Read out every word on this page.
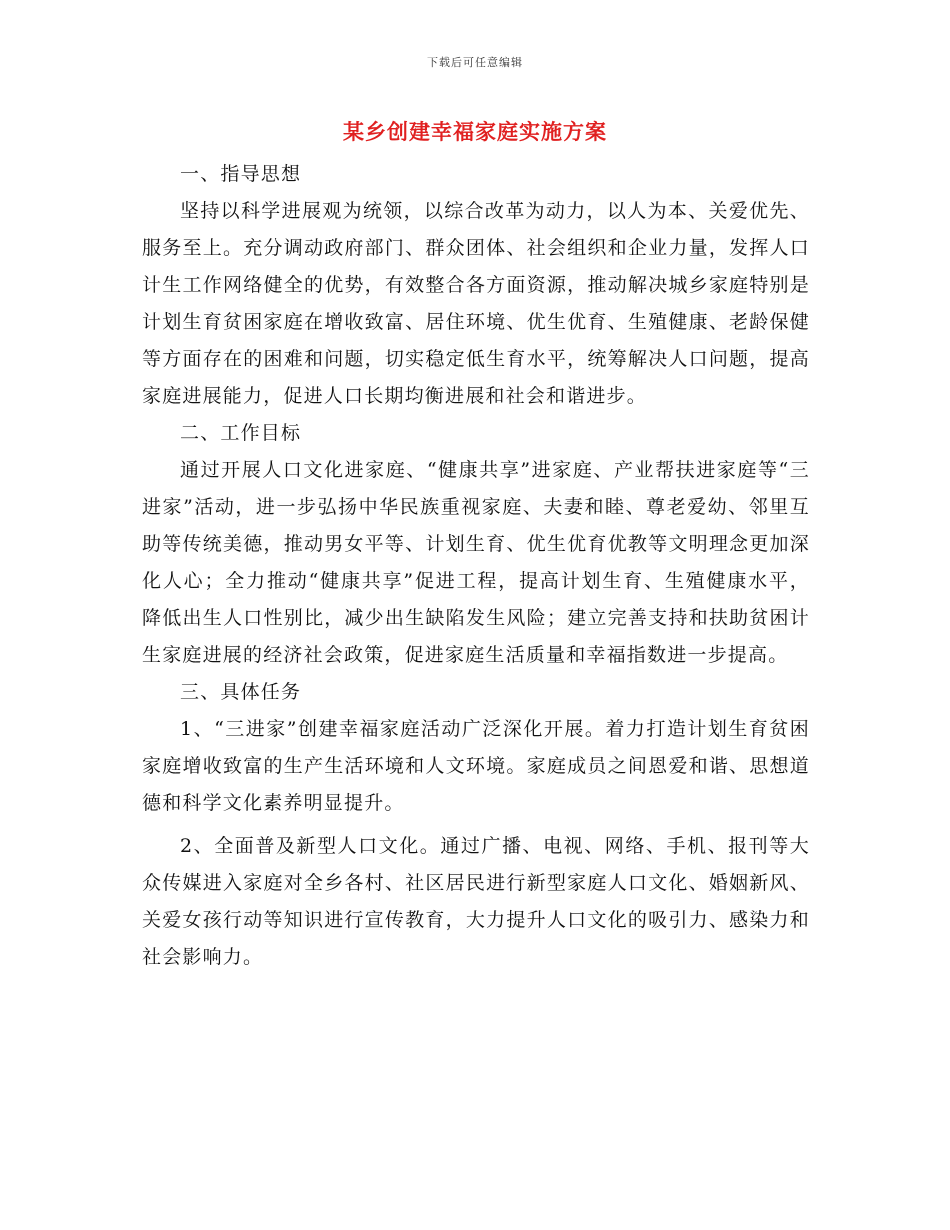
下载后可任意编辑
某乡创建幸福家庭实施方案

一、指导思想

坚持以科学进展观为统领，以综合改革为动力，以人为本、关爱优先、服务至上。充分调动政府部门、群众团体、社会组织和企业力量，发挥人口计生工作网络健全的优势，有效整合各方面资源，推动解决城乡家庭特别是计划生育贫困家庭在增收致富、居住环境、优生优育、生殖健康、老龄保健等方面存在的困难和问题，切实稳定低生育水平，统筹解决人口问题，提高家庭进展能力，促进人口长期均衡进展和社会和谐进步。

二、工作目标

通过开展人口文化进家庭、“健康共享”进家庭、产业帮扶进家庭等“三进家”活动，进一步弘扬中华民族重视家庭、夫妻和睦、尊老爱幼、邻里互助等传统美德，推动男女平等、计划生育、优生优育优教等文明理念更加深化人心；全力推动“健康共享”促进工程，提高计划生育、生殖健康水平，降低出生人口性别比，减少出生缺陷发生风险；建立完善支持和扶助贫困计生家庭进展的经济社会政策，促进家庭生活质量和幸福指数进一步提高。

三、具体任务

1、“三进家”创建幸福家庭活动广泛深化开展。着力打造计划生育贫困家庭增收致富的生产生活环境和人文环境。家庭成员之间恩爱和谐、思想道德和科学文化素养明显提升。

2、全面普及新型人口文化。通过广播、电视、网络、手机、报刊等大众传媒进入家庭对全乡各村、社区居民进行新型家庭人口文化、婚姻新风、关爱女孩行动等知识进行宣传教育，大力提升人口文化的吸引力、感染力和社会影响力。
